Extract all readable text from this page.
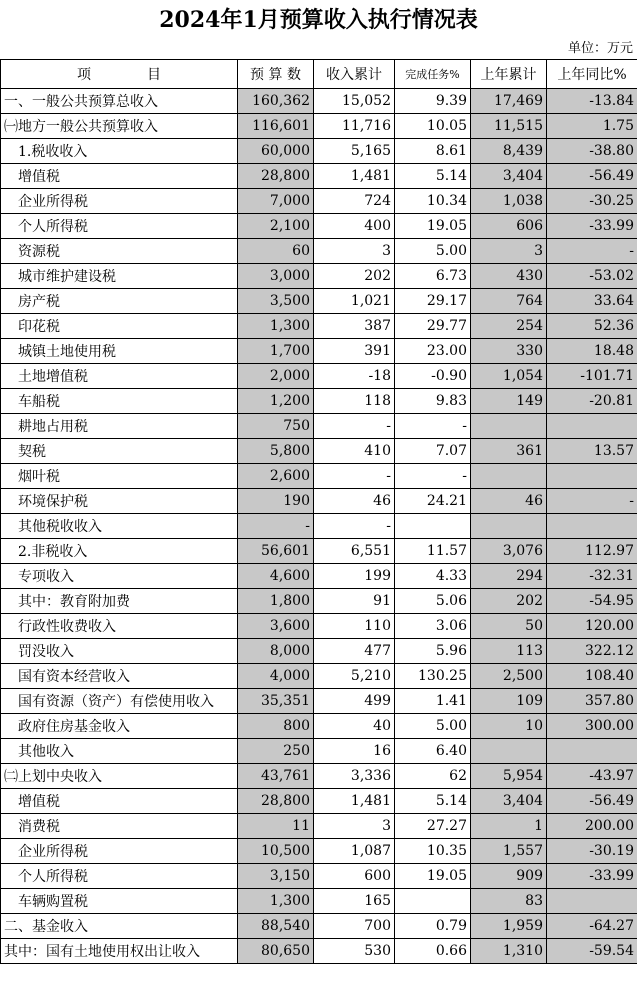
2024年1月预算收入执行情况表
单位：万元
项　　　　目	预 算 数	收入累计	完成任务%	上年累计	上年同比%
一、一般公共预算总收入	160,362	15,052	9.39	17,469	-13.84
㈠地方一般公共预算收入	116,601	11,716	10.05	11,515	1.75
　1.税收收入	60,000	5,165	8.61	8,439	-38.80
　增值税	28,800	1,481	5.14	3,404	-56.49
　企业所得税	7,000	724	10.34	1,038	-30.25
　个人所得税	2,100	400	19.05	606	-33.99
　资源税	60	3	5.00	3	-
　城市维护建设税	3,000	202	6.73	430	-53.02
　房产税	3,500	1,021	29.17	764	33.64
　印花税	1,300	387	29.77	254	52.36
　城镇土地使用税	1,700	391	23.00	330	18.48
　土地增值税	2,000	-18	-0.90	1,054	-101.71
　车船税	1,200	118	9.83	149	-20.81
　耕地占用税	750	-	-		
　契税	5,800	410	7.07	361	13.57
　烟叶税	2,600	-	-		
　环境保护税	190	46	24.21	46	-
　其他税收收入	-	-			
　2.非税收入	56,601	6,551	11.57	3,076	112.97
　专项收入	4,600	199	4.33	294	-32.31
　其中：教育附加费	1,800	91	5.06	202	-54.95
　行政性收费收入	3,600	110	3.06	50	120.00
　罚没收入	8,000	477	5.96	113	322.12
　国有资本经营收入	4,000	5,210	130.25	2,500	108.40
　国有资源（资产）有偿使用收入	35,351	499	1.41	109	357.80
　政府住房基金收入	800	40	5.00	10	300.00
　其他收入	250	16	6.40		
㈡上划中央收入	43,761	3,336	62	5,954	-43.97
　增值税	28,800	1,481	5.14	3,404	-56.49
　消费税	11	3	27.27	1	200.00
　企业所得税	10,500	1,087	10.35	1,557	-30.19
　个人所得税	3,150	600	19.05	909	-33.99
　车辆购置税	1,300	165		83	
二、基金收入	88,540	700	0.79	1,959	-64.27
其中：国有土地使用权出让收入	80,650	530	0.66	1,310	-59.54
